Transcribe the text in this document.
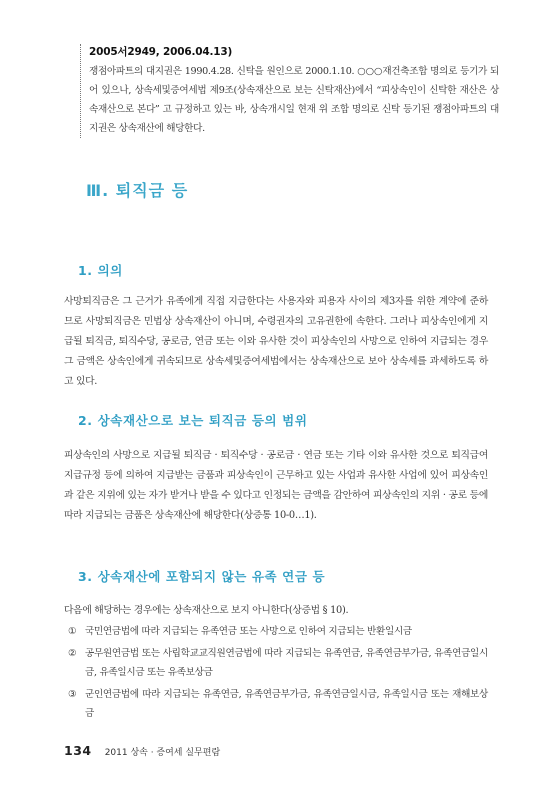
2005서2949, 2006.04.13)

쟁점아파트의 대지권은 1990.4.28. 신탁을 원인으로 2000.1.10. ○○○재건축조합 명의로 등기가 되어 있으나, 상속세및증여세법 제9조(상속재산으로 보는 신탁재산)에서 “피상속인이 신탁한 재산은 상속재산으로 본다” 고 규정하고 있는 바, 상속개시일 현재 위 조합 명의로 신탁 등기된 쟁점아파트의 대지권은 상속재산에 해당한다.

Ⅲ. 퇴직금 등
1. 의의

사망퇴직금은 그 근거가 유족에게 직접 지급한다는 사용자와 피용자 사이의 제3자를 위한 계약에 준하므로 사망퇴직금은 민법상 상속재산이 아니며, 수령권자의 고유권한에 속한다. 그러나 피상속인에게 지급될 퇴직금, 퇴직수당, 공로금, 연금 또는 이와 유사한 것이 피상속인의 사망으로 인하여 지급되는 경우 그 금액은 상속인에게 귀속되므로 상속세및증여세법에서는 상속재산으로 보아 상속세를 과세하도록 하고 있다.

2. 상속재산으로 보는 퇴직금 등의 범위

피상속인의 사망으로 지급될 퇴직금 · 퇴직수당 · 공로금 · 연금 또는 기타 이와 유사한 것으로 퇴직급여지급규정 등에 의하여 지급받는 금품과 피상속인이 근무하고 있는 사업과 유사한 사업에 있어 피상속인과 같은 지위에 있는 자가 받거나 받을 수 있다고 인정되는 금액을 감안하여 피상속인의 지위 · 공로 등에 따라 지급되는 금품은 상속재산에 해당한다(상증통 10-0…1).

3. 상속재산에 포함되지 않는 유족 연금 등

다음에 해당하는 경우에는 상속재산으로 보지 아니한다(상증법 § 10).

① 국민연금법에 따라 지급되는 유족연금 또는 사망으로 인하여 지급되는 반환일시금
② 공무원연금법 또는 사립학교교직원연금법에 따라 지급되는 유족연금, 유족연금부가금, 유족연금일시금, 유족일시금 또는 유족보상금
③ 군인연금법에 따라 지급되는 유족연금, 유족연금부가금, 유족연금일시금, 유족일시금 또는 재해보상금
134 2011 상속 · 증여세 실무편람
